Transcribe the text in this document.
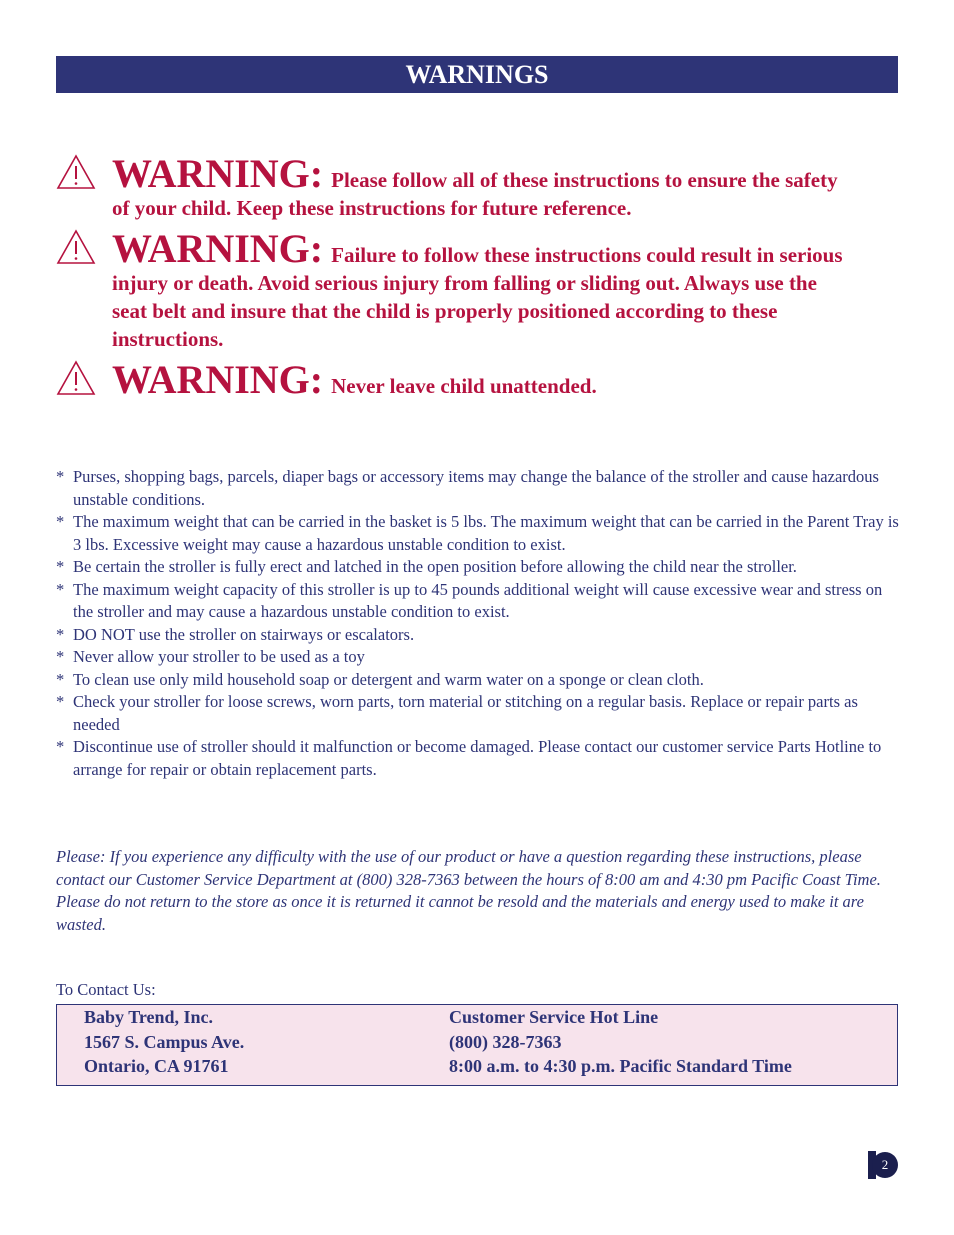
WARNINGS
WARNING: Please follow all of these instructions to ensure the safety of your child. Keep these instructions for future reference.
WARNING: Failure to follow these instructions could result in serious injury or death. Avoid serious injury from falling or sliding out. Always use the seat belt and insure that the child is properly positioned according to these instructions.
WARNING: Never leave child unattended.
* Purses, shopping bags, parcels, diaper bags or accessory items may change the balance of the stroller and cause hazardous unstable conditions.
* The maximum weight that can be carried in the basket is 5 lbs. The maximum weight that can be carried in the Parent Tray is 3 lbs. Excessive weight may cause a hazardous unstable condition to exist.
* Be certain the stroller is fully erect and latched in the open position before allowing the child near the stroller.
* The maximum weight capacity of this stroller is up to 45 pounds additional weight will cause excessive wear and stress on the stroller and may cause a hazardous unstable condition to exist.
* DO NOT use the stroller on stairways or escalators.
* Never allow your stroller to be used as a toy
* To clean use only mild household soap or detergent and warm water on a sponge or clean cloth.
* Check your stroller for loose screws, worn parts, torn material or stitching on a regular basis. Replace or repair parts as needed
* Discontinue use of stroller should it malfunction or become damaged. Please contact our customer service Parts Hotline to arrange for repair or obtain replacement parts.
Please: If you experience any difficulty with the use of our product or have a question regarding these instructions, please contact our Customer Service Department at (800) 328-7363 between the hours of 8:00 am and 4:30 pm Pacific Coast Time. Please do not return to the store as once it is returned it cannot be resold and the materials and energy used to make it are wasted.
To Contact Us:
Baby Trend, Inc.
1567 S. Campus Ave.
Ontario, CA 91761
Customer Service Hot Line
(800) 328-7363
8:00 a.m. to 4:30 p.m. Pacific Standard Time
2
